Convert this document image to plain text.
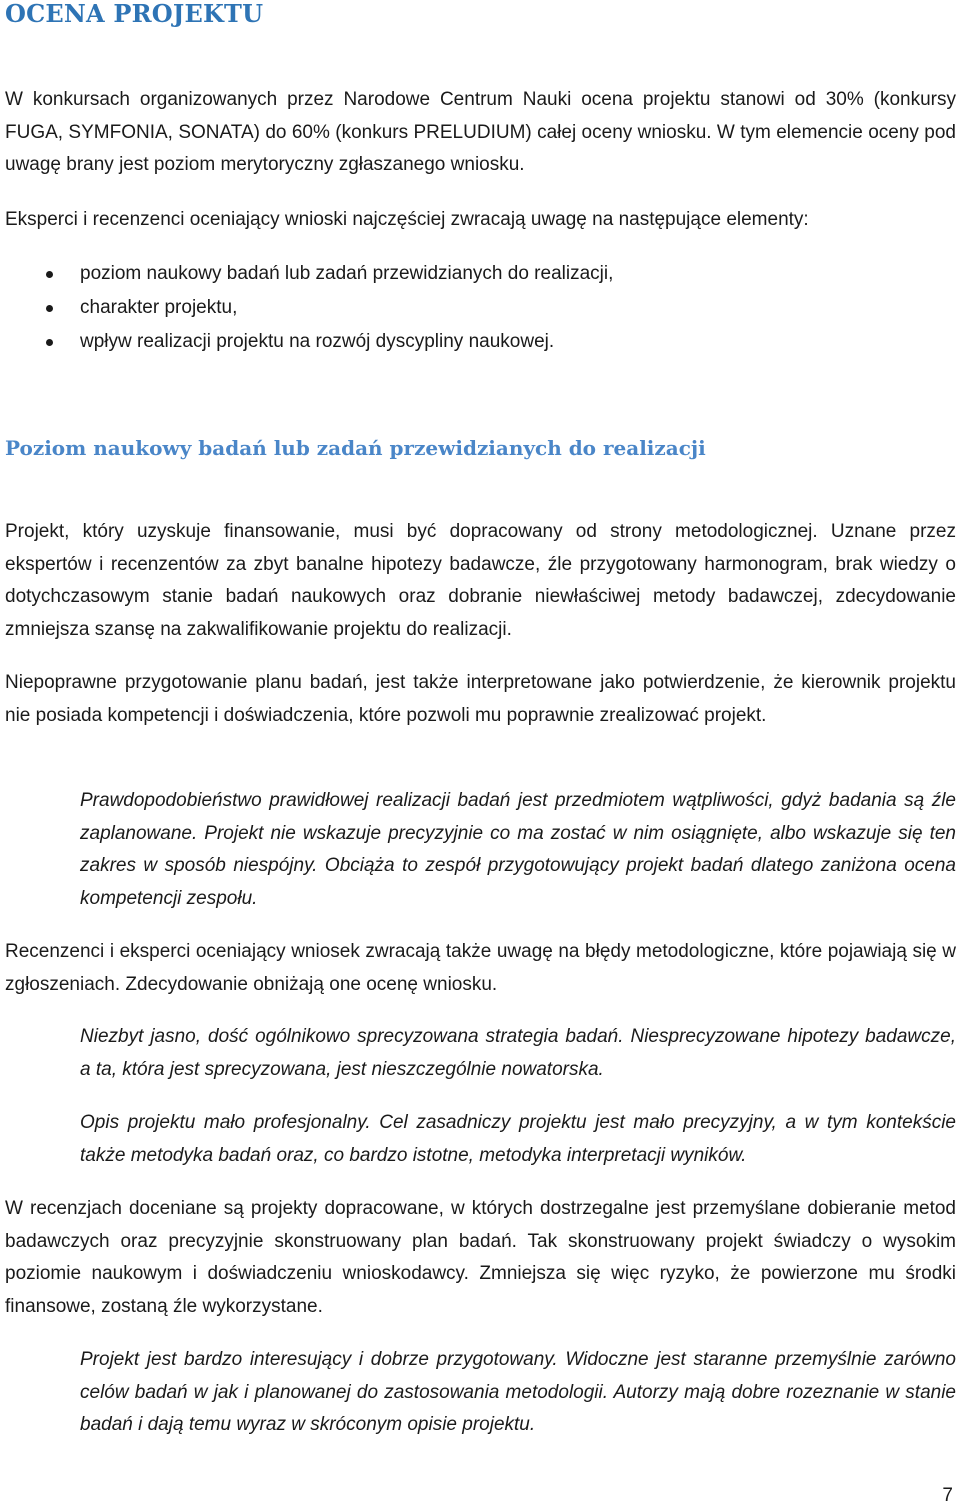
OCENA PROJEKTU

W konkursach organizowanych przez Narodowe Centrum Nauki ocena projektu stanowi od 30% (konkursy FUGA, SYMFONIA, SONATA) do 60% (konkurs PRELUDIUM) całej oceny wniosku. W tym elemencie oceny pod uwagę brany jest poziom merytoryczny zgłaszanego wniosku.

Eksperci i recenzenci oceniający wnioski najczęściej zwracają uwagę na następujące elementy:

poziom naukowy badań lub zadań przewidzianych do realizacji,
charakter projektu,
wpływ realizacji projektu na rozwój dyscypliny naukowej.
Poziom naukowy badań lub zadań przewidzianych do realizacji

Projekt, który uzyskuje finansowanie, musi być dopracowany od strony metodologicznej. Uznane przez ekspertów i recenzentów za zbyt banalne hipotezy badawcze, źle przygotowany harmonogram, brak wiedzy o dotychczasowym stanie badań naukowych oraz dobranie niewłaściwej metody badawczej, zdecydowanie zmniejsza szansę na zakwalifikowanie projektu do realizacji.

Niepoprawne przygotowanie planu badań, jest także interpretowane jako potwierdzenie, że kierownik projektu nie posiada kompetencji i doświadczenia, które pozwoli mu poprawnie zrealizować projekt.

Prawdopodobieństwo prawidłowej realizacji badań jest przedmiotem wątpliwości, gdyż badania są źle zaplanowane. Projekt nie wskazuje precyzyjnie co ma zostać w nim osiągnięte, albo wskazuje się ten zakres w sposób niespójny. Obciąża to zespół przygotowujący projekt badań dlatego zaniżona ocena kompetencji zespołu.

Recenzenci i eksperci oceniający wniosek zwracają także uwagę na błędy metodologiczne, które pojawiają się w zgłoszeniach. Zdecydowanie obniżają one ocenę wniosku.

Niezbyt jasno, dość ogólnikowo sprecyzowana strategia badań. Niesprecyzowane hipotezy badawcze, a ta, która jest sprecyzowana, jest nieszczególnie nowatorska.

Opis projektu mało profesjonalny. Cel zasadniczy projektu jest mało precyzyjny, a w tym kontekście także metodyka badań oraz, co bardzo istotne, metodyka interpretacji wyników.

W recenzjach doceniane są projekty dopracowane, w których dostrzegalne jest przemyślane dobieranie metod badawczych oraz precyzyjnie skonstruowany plan badań. Tak skonstruowany projekt świadczy o wysokim poziomie naukowym i doświadczeniu wnioskodawcy. Zmniejsza się więc ryzyko, że powierzone mu środki finansowe, zostaną źle wykorzystane.

Projekt jest bardzo interesujący i dobrze przygotowany. Widoczne jest staranne przemyślnie zarówno celów badań w jak i planowanej do zastosowania metodologii. Autorzy mają dobre rozeznanie w stanie badań i dają temu wyraz w skróconym opisie projektu.

7
